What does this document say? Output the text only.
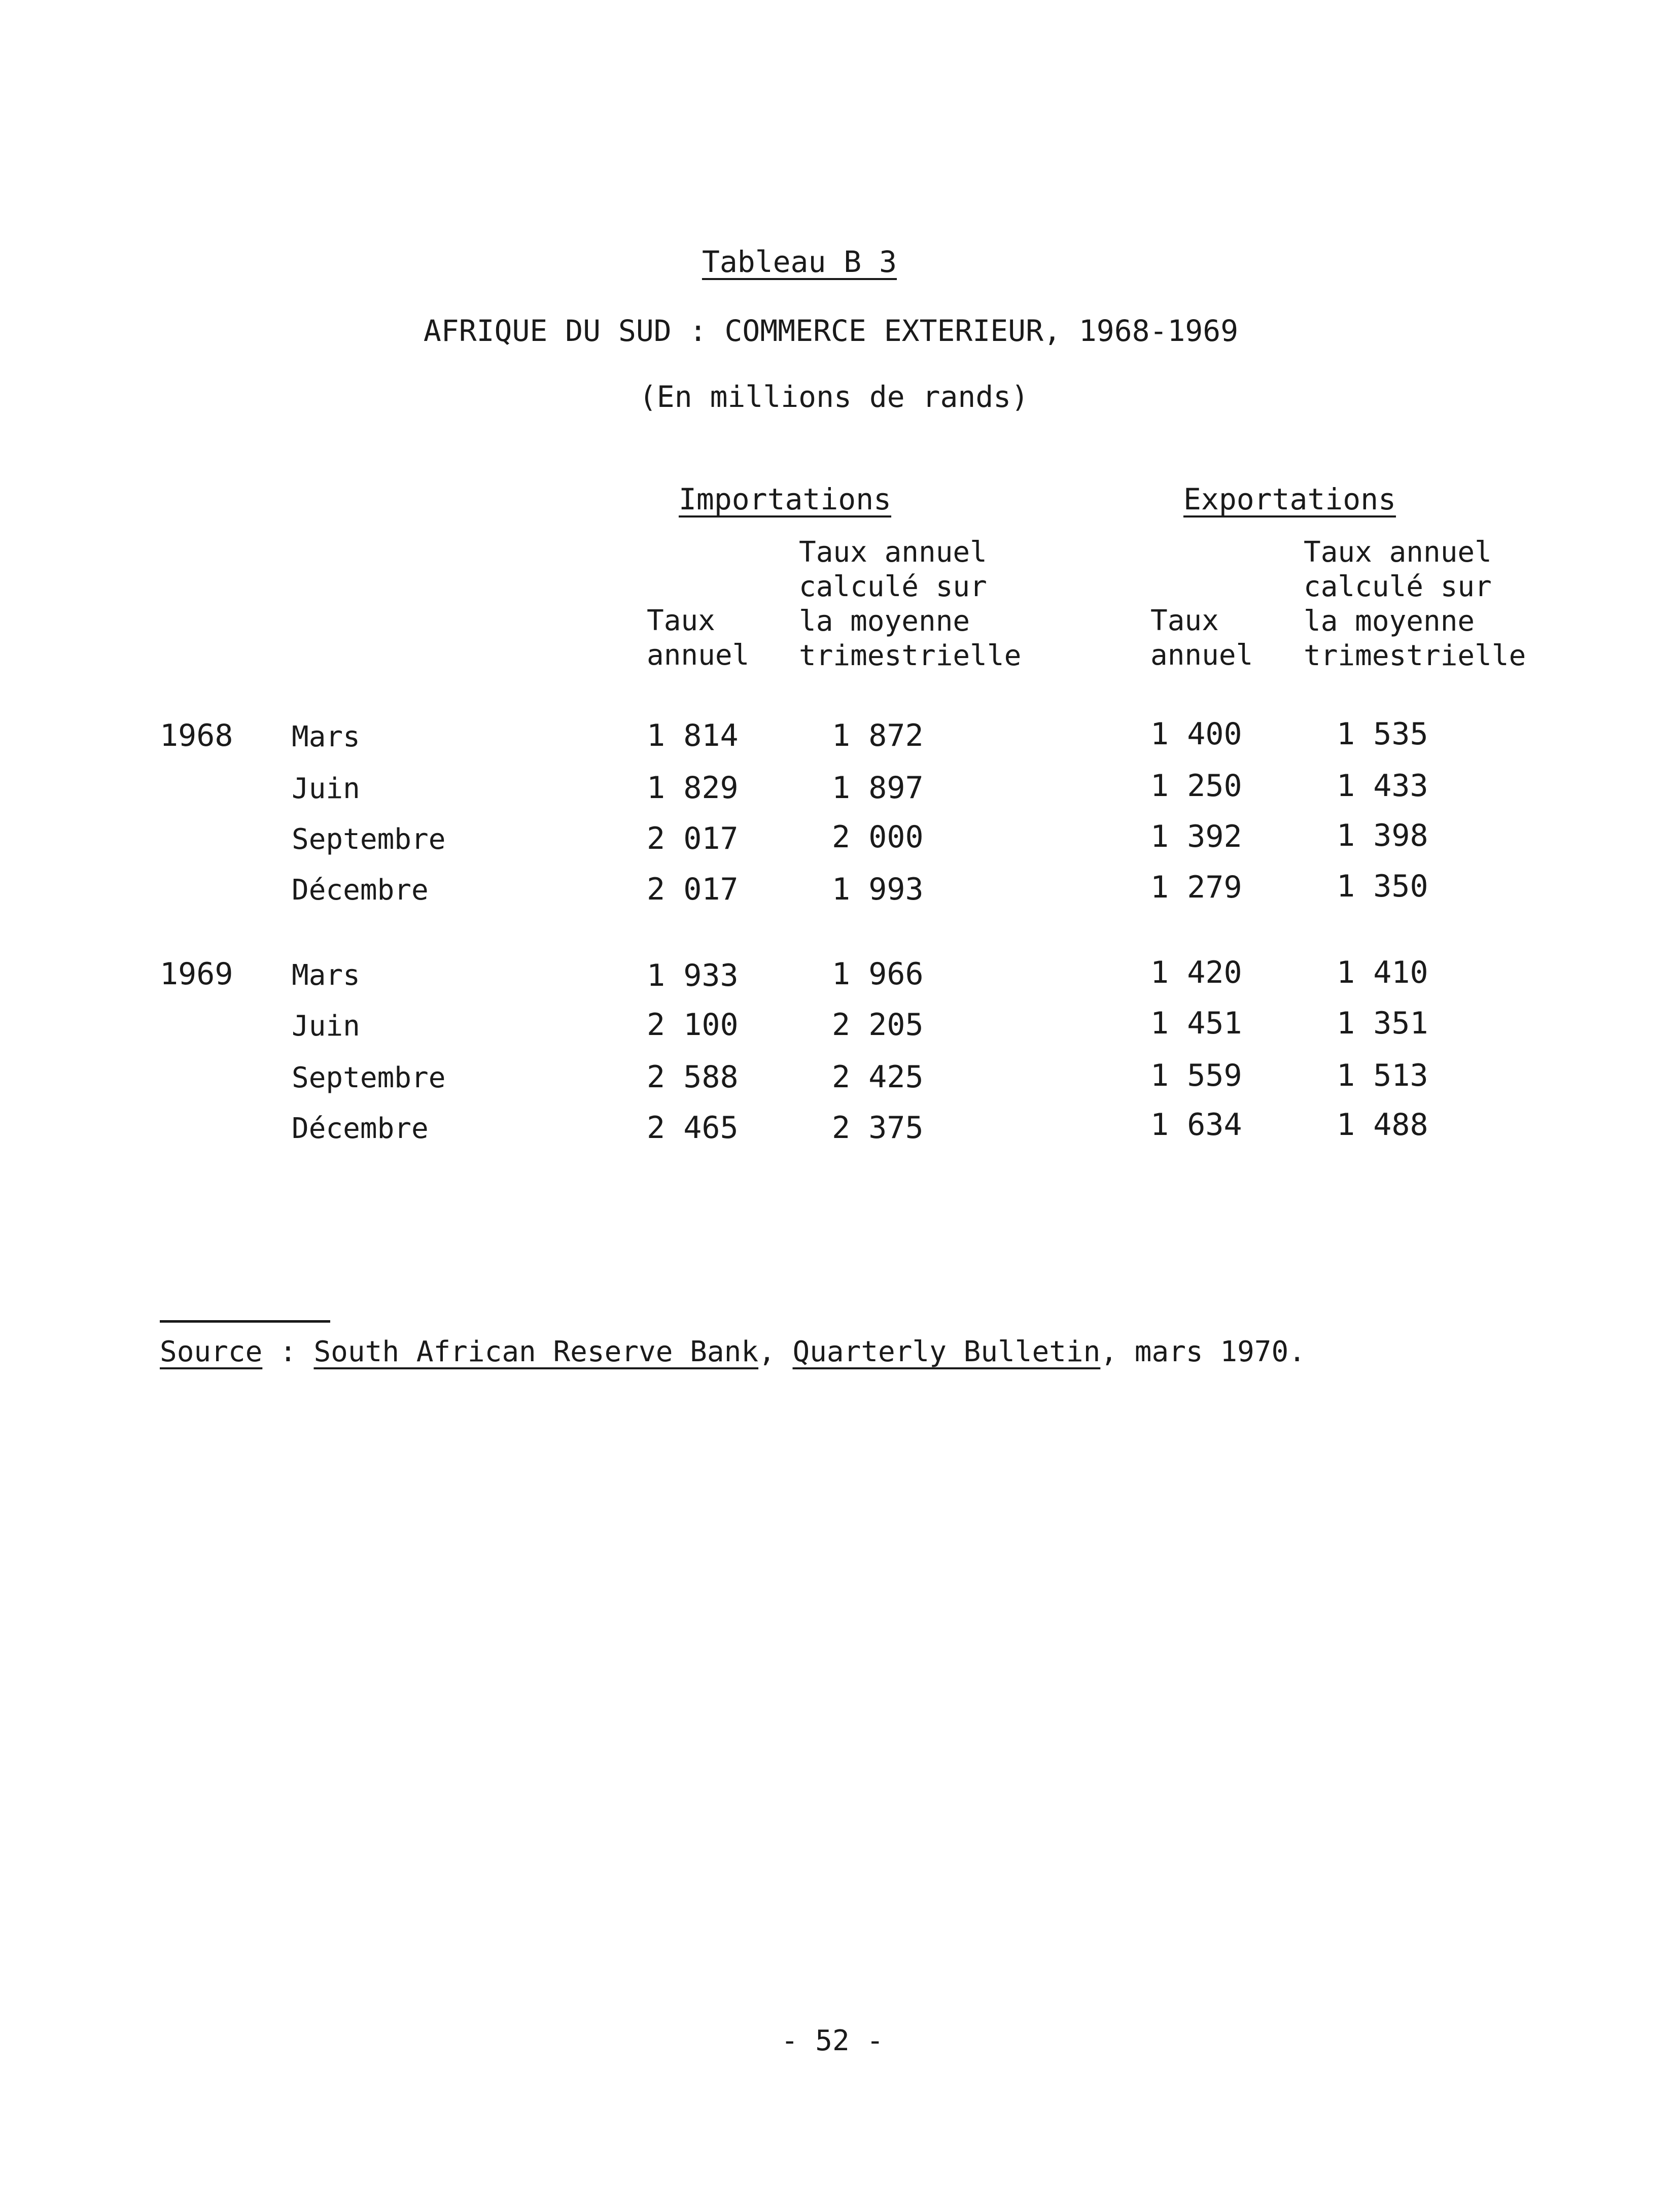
Tableau B 3
AFRIQUE DU SUD : COMMERCE EXTERIEUR, 1968-1969
(En millions de rands)
Importations	Exportations
Taux
annuel
Taux annuel
calculé sur
la moyenne
trimestrielle
Taux
annuel
Taux annuel
calculé sur
la moyenne
trimestrielle
1968 Mars	1 814	1 872	1 400	1 535
Juin	1 829	1 897	1 250	1 433
Septembre	2 017	2 000	1 392	1 398
Décembre	2 017	1 993	1 279	1 350
1969 Mars	1 933	1 966	1 420	1 410
Juin	2 100	2 205	1 451	1 351
Septembre	2 588	2 425	1 559	1 513
Décembre	2 465	2 375	1 634	1 488
Source : South African Reserve Bank, Quarterly Bulletin, mars 1970.
- 52 -
